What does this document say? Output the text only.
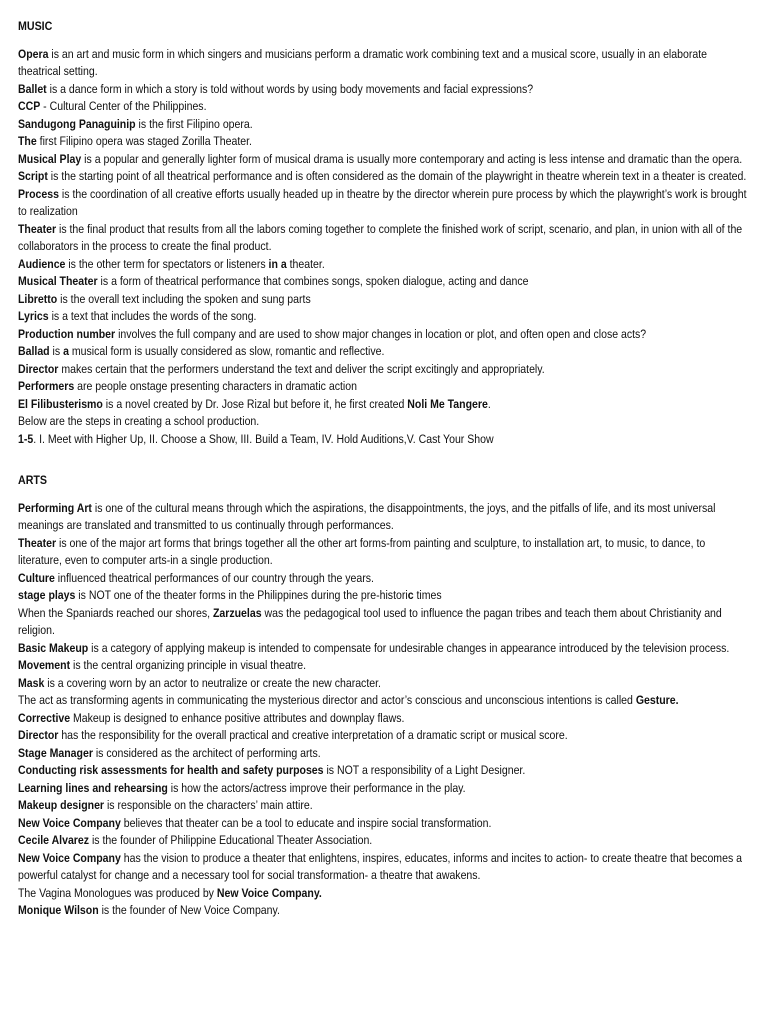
MUSIC

Opera is an art and music form in which singers and musicians perform a dramatic work combining text and a musical score, usually in an elaborate theatrical setting.

Ballet is a dance form in which a story is told without words by using body movements and facial expressions?

CCP - Cultural Center of the Philippines.

Sandugong Panaguinip is the first Filipino opera.

The first Filipino opera was staged Zorilla Theater.

Musical Play is a popular and generally lighter form of musical drama is usually more contemporary and acting is less intense and dramatic than the opera.

Script is the starting point of all theatrical performance and is often considered as the domain of the playwright in theatre wherein text in a theater is created.

Process is the coordination of all creative efforts usually headed up in theatre by the director wherein pure process by which the playwright’s work is brought to realization

Theater is the final product that results from all the labors coming together to complete the finished work of script, scenario, and plan, in union with all of the collaborators in the process to create the final product.

Audience is the other term for spectators or listeners in a theater.

Musical Theater is a form of theatrical performance that combines songs, spoken dialogue, acting and dance

Libretto is the overall text including the spoken and sung parts

Lyrics is a text that includes the words of the song.

Production number involves the full company and are used to show major changes in location or plot, and often open and close acts?

Ballad is a musical form is usually considered as slow, romantic and reflective.

Director makes certain that the performers understand the text and deliver the script excitingly and appropriately.

Performers are people onstage presenting characters in dramatic action

El Filibusterismo is a novel created by Dr. Jose Rizal but before it, he first created Noli Me Tangere.

Below are the steps in creating a school production.

1-5. I. Meet with Higher Up, II. Choose a Show, III. Build a Team, IV. Hold Auditions,V. Cast Your Show

ARTS

Performing Art is one of the cultural means through which the aspirations, the disappointments, the joys, and the pitfalls of life, and its most universal meanings are translated and transmitted to us continually through performances.

Theater is one of the major art forms that brings together all the other art forms-from painting and sculpture, to installation art, to music, to dance, to literature, even to computer arts-in a single production.

Culture influenced theatrical performances of our country through the years.

stage plays is NOT one of the theater forms in the Philippines during the pre-historic times

When the Spaniards reached our shores, Zarzuelas was the pedagogical tool used to influence the pagan tribes and teach them about Christianity and religion.

Basic Makeup is a category of applying makeup is intended to compensate for undesirable changes in appearance introduced by the television process.

Movement is the central organizing principle in visual theatre.

Mask is a covering worn by an actor to neutralize or create the new character.

The act as transforming agents in communicating the mysterious director and actor’s conscious and unconscious intentions is called Gesture.

Corrective Makeup is designed to enhance positive attributes and downplay flaws.

Director has the responsibility for the overall practical and creative interpretation of a dramatic script or musical score.

Stage Manager is considered as the architect of performing arts.

Conducting risk assessments for health and safety purposes is NOT a responsibility of a Light Designer.

Learning lines and rehearsing is how the actors/actress improve their performance in the play.

Makeup designer is responsible on the characters’ main attire.

New Voice Company believes that theater can be a tool to educate and inspire social transformation.

Cecile Alvarez is the founder of Philippine Educational Theater Association.

New Voice Company has the vision to produce a theater that enlightens, inspires, educates, informs and incites to action- to create theatre that becomes a powerful catalyst for change and a necessary tool for social transformation- a theatre that awakens.

The Vagina Monologues was produced by New Voice Company.

Monique Wilson is the founder of New Voice Company.
